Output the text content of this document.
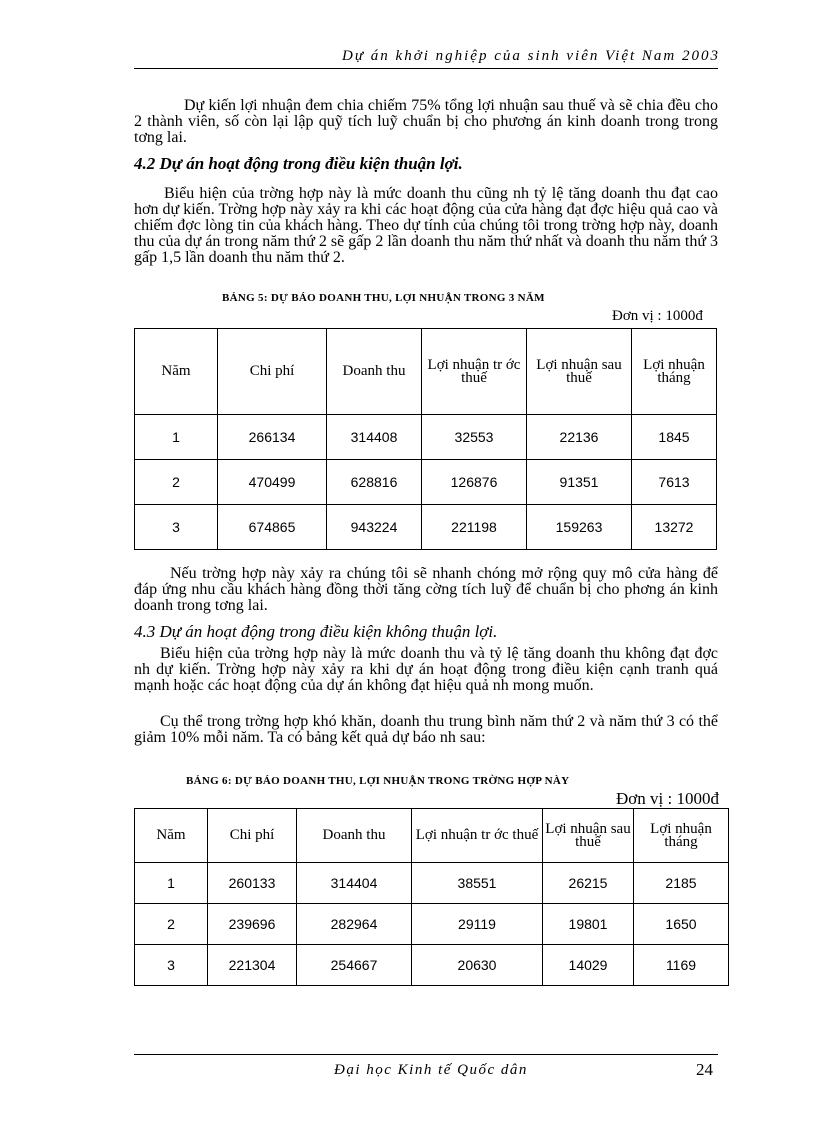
Dự án khởi nghiệp của sinh viên Việt Nam 2003

Dự kiến lợi nhuận đem chia chiếm 75% tổng lợi nhuận sau thuế và sẽ chia đều cho 2 thành viên, số còn lại lập quỹ tích luỹ chuẩn bị cho phương án kinh doanh trong trong tơng lai.

4.2 Dự án hoạt động trong điều kiện thuận lợi.

Biểu hiện của trờng hợp này là mức doanh thu cũng nh tỷ lệ tăng doanh thu đạt cao hơn dự kiến. Trờng hợp này xảy ra khi các hoạt động của cửa hàng đạt đợc hiệu quả cao và chiếm đợc lòng tin của khách hàng. Theo dự tính của chúng tôi trong trờng hợp này, doanh thu của dự án trong năm thứ 2 sẽ gấp 2 lần doanh thu năm thứ nhất và doanh thu năm thứ 3 gấp 1,5 lần doanh thu năm thứ 2.

BẢNG 5: DỰ BÁO DOANH THU, LỢI NHUẬN TRONG 3 NĂM
Đơn vị : 1000đ
Năm	Chi phí	Doanh thu	Lợi nhuận tr ớc thuế	Lợi nhuận sau thuế	Lợi nhuận tháng
1	266134	314408	32553	22136	1845
2	470499	628816	126876	91351	7613
3	674865	943224	221198	159263	13272

Nếu trờng hợp này xảy ra chúng tôi sẽ nhanh chóng mở rộng quy mô cửa hàng để đáp ứng nhu cầu khách hàng đồng thời tăng cờng tích luỹ để chuẩn bị cho phơng án kinh doanh trong tơng lai.

4.3 Dự án hoạt động trong điều kiện không thuận lợi.

Biểu hiện của trờng hợp này là mức doanh thu và tỷ lệ tăng doanh thu không đạt đợc nh dự kiến. Trờng hợp này xảy ra khi dự án hoạt động trong điều kiện cạnh tranh quá mạnh hoặc các hoạt động của dự án không đạt hiệu quả nh mong muốn.

Cụ thể trong trờng hợp khó khăn, doanh thu trung bình năm thứ 2 và năm thứ 3 có thể giảm 10% mỗi năm. Ta có bảng kết quả dự báo nh sau:

BẢNG 6: DỰ BÁO DOANH THU, LỢI NHUẬN TRONG TRỜNG HỢP NÀY
Đơn vị : 1000đ
Năm	Chi phí	Doanh thu	Lợi nhuận tr ớc thuế	Lợi nhuận sau thuế	Lợi nhuận tháng
1	260133	314404	38551	26215	2185
2	239696	282964	29119	19801	1650
3	221304	254667	20630	14029	1169
Đại học Kinh tế Quốc dân	24
